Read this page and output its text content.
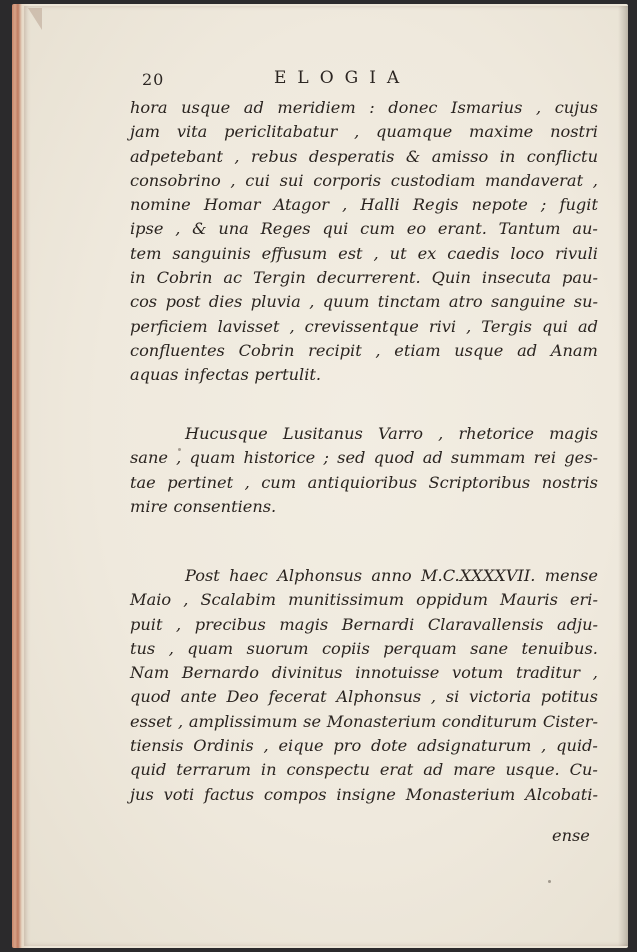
20	ELOGIA
hora usque ad meridiem : donec Ismarius , cujus
jam vita periclitabatur , quamque maxime nostri
adpetebant , rebus desperatis & amisso in conflictu
consobrino , cui sui corporis custodiam mandaverat ,
nomine Homar Atagor , Halli Regis nepote ; fugit
ipse , & una Reges qui cum eo erant. Tantum au-
tem sanguinis effusum est , ut ex caedis loco rivuli
in Cobrin ac Tergin decurrerent. Quin insecuta pau-
cos post dies pluvia , quum tinctam atro sanguine su-
perficiem lavisset , crevissentque rivi , Tergis qui ad
confluentes Cobrin recipit , etiam usque ad Anam
aquas infectas pertulit.
Hucusque Lusitanus Varro , rhetorice magis
sane , quam historice ; sed quod ad summam rei ges-
tae pertinet , cum antiquioribus Scriptoribus nostris
mire consentiens.
Post haec Alphonsus anno M.C.XXXXVII. mense
Maio , Scalabim munitissimum oppidum Mauris eri-
puit , precibus magis Bernardi Claravallensis adju-
tus , quam suorum copiis perquam sane tenuibus.
Nam Bernardo divinitus innotuisse votum traditur ,
quod ante Deo fecerat Alphonsus , si victoria potitus
esset , amplissimum se Monasterium conditurum Cister-
tiensis Ordinis , eique pro dote adsignaturum , quid-
quid terrarum in conspectu erat ad mare usque. Cu-
jus voti factus compos insigne Monasterium Alcobati-
ense
